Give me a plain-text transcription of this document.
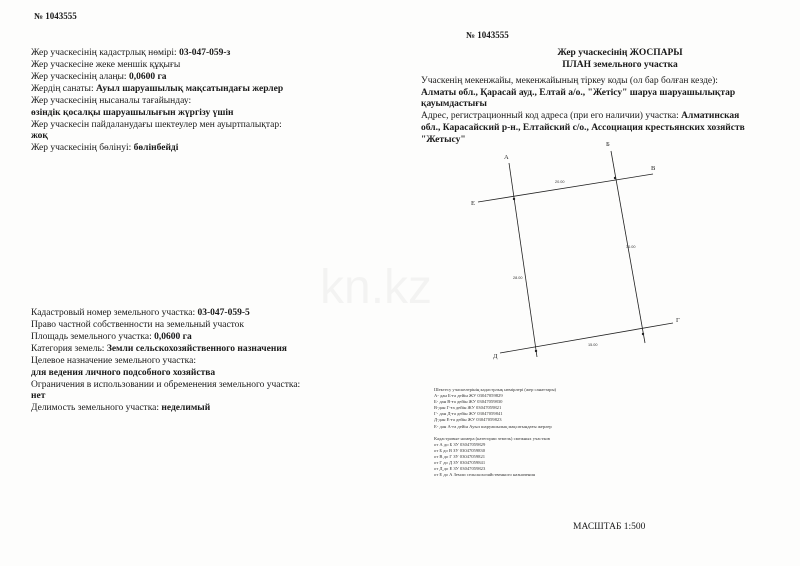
№ 1043555
Жер учаскесінің кадастрлық нөмірі: 03-047-059-з
Жер учаскесіне жеке меншік құқығы
Жер учаскесінің алаңы: 0,0600 га
Жердің санаты: Ауыл шаруашылық мақсатындағы жерлер
Жер учаскесінің нысаналы тағайындау:
өзіндік қосалқы шаруашылығын жүргізу үшін
Жер учаскесін пайдаланудағы шектеулер мен ауыртпалықтар:
жоқ
Жер учаскесінің бөлінуі: бөлінбейді
Кадастровый номер земельного участка: 03-047-059-5
Право частной собственности на земельный участок
Площадь земельного участка: 0,0600 га
Категория земель: Земли сельскохозяйственного назначения
Целевое назначение земельного участка:
для ведения личного подсобного хозяйства
Ограничения в использовании и обременения земельного участка:
нет
Делимость земельного участка: неделимый
№ 1043555
Жер учаскесінің ЖОСПАРЫ
ПЛАН земельного участка
Учаскенің мекенжайы, мекенжайының тіркеу коды (ол бар болған кезде):
Алматы обл., Қарасай ауд., Елтай а/о., "Жетісу" шаруа шаруашылықтар
қауымдастығы
Адрес, регистрационный код адреса (при его наличии) участка: Алматинская
обл., Карасайский р-н., Елтайский с/о., Ассоциация крестьянских хозяйств
"Жетысу"
А
Б
В
Г
Д
Е
20.00
30.00
15.00
28.00
Шектесу учаскелерінің кадастрлық нөмірлері (жер санаттары)
А- дан Б-ға дейін ЖУ 03047059829
Б- дан В-ға дейін ЖУ 03047059830
В-дан Г-ға дейін ЖУ 03047059821
Г- дан Д-ға дейін ЖУ 03047059841
Д-дан Е-ға дейін ЖУ 03047059823
Е- дан А-ға дейін Ауыл шаруашылық мақсатындағы жерлер
Кадастровые номера (категории земель) смежных участков
от А до Б ЗУ 03047059829
от Б до В ЗУ 03047059830
от В до Г ЗУ 03047059821
от Г до Д ЗУ 03047059841
от Д до Е ЗУ 03047059823
от Е до А Земли сельскохозяйственного назначения
МАСШТАБ 1:500
